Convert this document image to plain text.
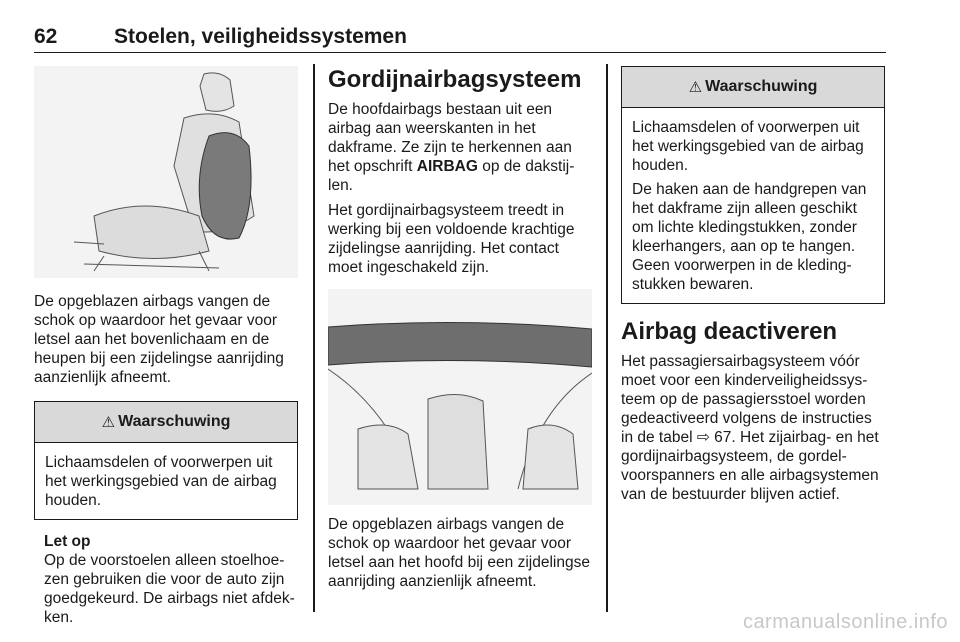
62	Stoelen, veiligheidssystemen

De opgeblazen airbags vangen de schok op waardoor het gevaar voor letsel aan het bovenlichaam en de heupen bij een zijdelingse aanrijding aanzienlijk afneemt.

⚠ Waarschuwing

Lichaamsdelen of voorwerpen uit het werkingsgebied van de airbag houden.

Let op

Op de voorstoelen alleen stoelhoe-zen gebruiken die voor de auto zijn goedgekeurd. De airbags niet afdek-ken.

Gordijnairbagsysteem

De hoofdairbags bestaan uit een airbag aan weerskanten in het dakframe. Ze zijn te herkennen aan het opschrift AIRBAG op de dakstij-len.

Het gordijnairbagsysteem treedt in werking bij een voldoende krachtige zijdelingse aanrijding. Het contact moet ingeschakeld zijn.

De opgeblazen airbags vangen de schok op waardoor het gevaar voor letsel aan het hoofd bij een zijdelingse aanrijding aanzienlijk afneemt.

⚠ Waarschuwing

Lichaamsdelen of voorwerpen uit het werkingsgebied van de airbag houden.

De haken aan de handgrepen van het dakframe zijn alleen geschikt om lichte kledingstukken, zonder kleerhangers, aan op te hangen. Geen voorwerpen in de kleding-stukken bewaren.

Airbag deactiveren

Het passagiersairbagsysteem vóór moet voor een kinderveiligheidssys-teem op de passagiersstoel worden gedeactiveerd volgens de instructies in de tabel ⇨ 67. Het zijairbag- en het gordijnairbagsysteem, de gordel-voorspanners en alle airbagsystemen van de bestuurder blijven actief.

carmanualsonline.info
